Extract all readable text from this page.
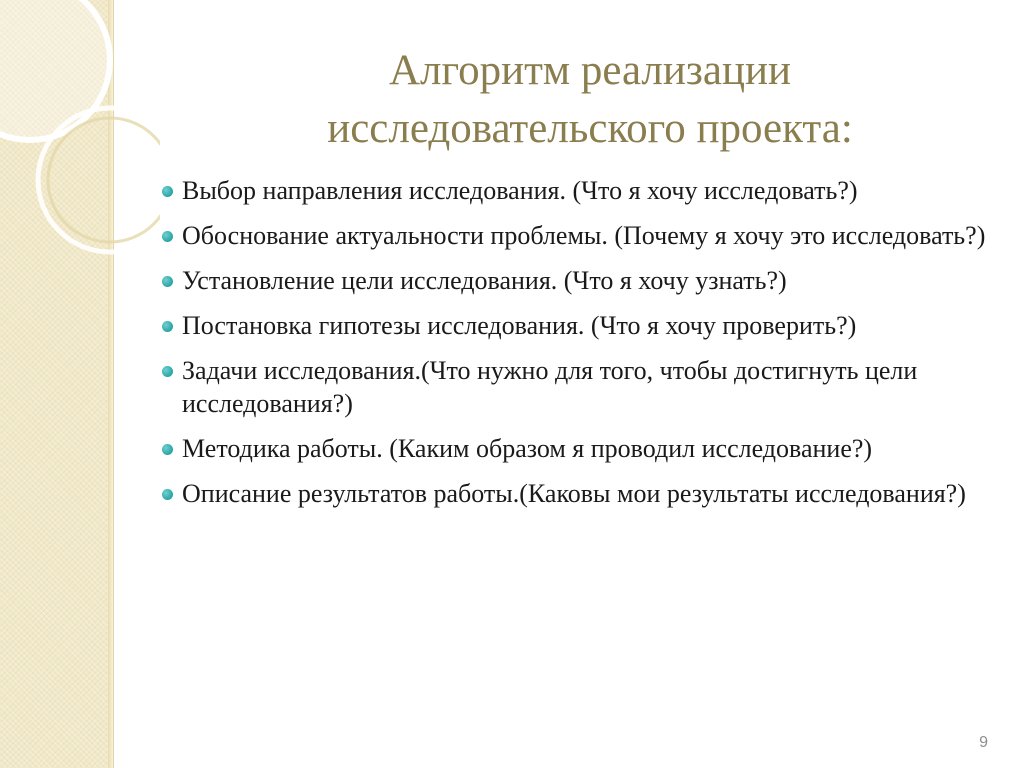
Алгоритм реализации
исследовательского проекта:
Выбор направления исследования. (Что я хочу исследовать?)
Обоснование актуальности проблемы. (Почему я хочу это исследовать?)
Установление цели исследования. (Что я хочу узнать?)
Постановка гипотезы исследования. (Что я хочу проверить?)
Задачи исследования.(Что нужно для того, чтобы достигнуть цели исследования?)
Методика работы. (Каким образом я проводил исследование?)
Описание результатов работы.(Каковы мои результаты исследования?)
9
